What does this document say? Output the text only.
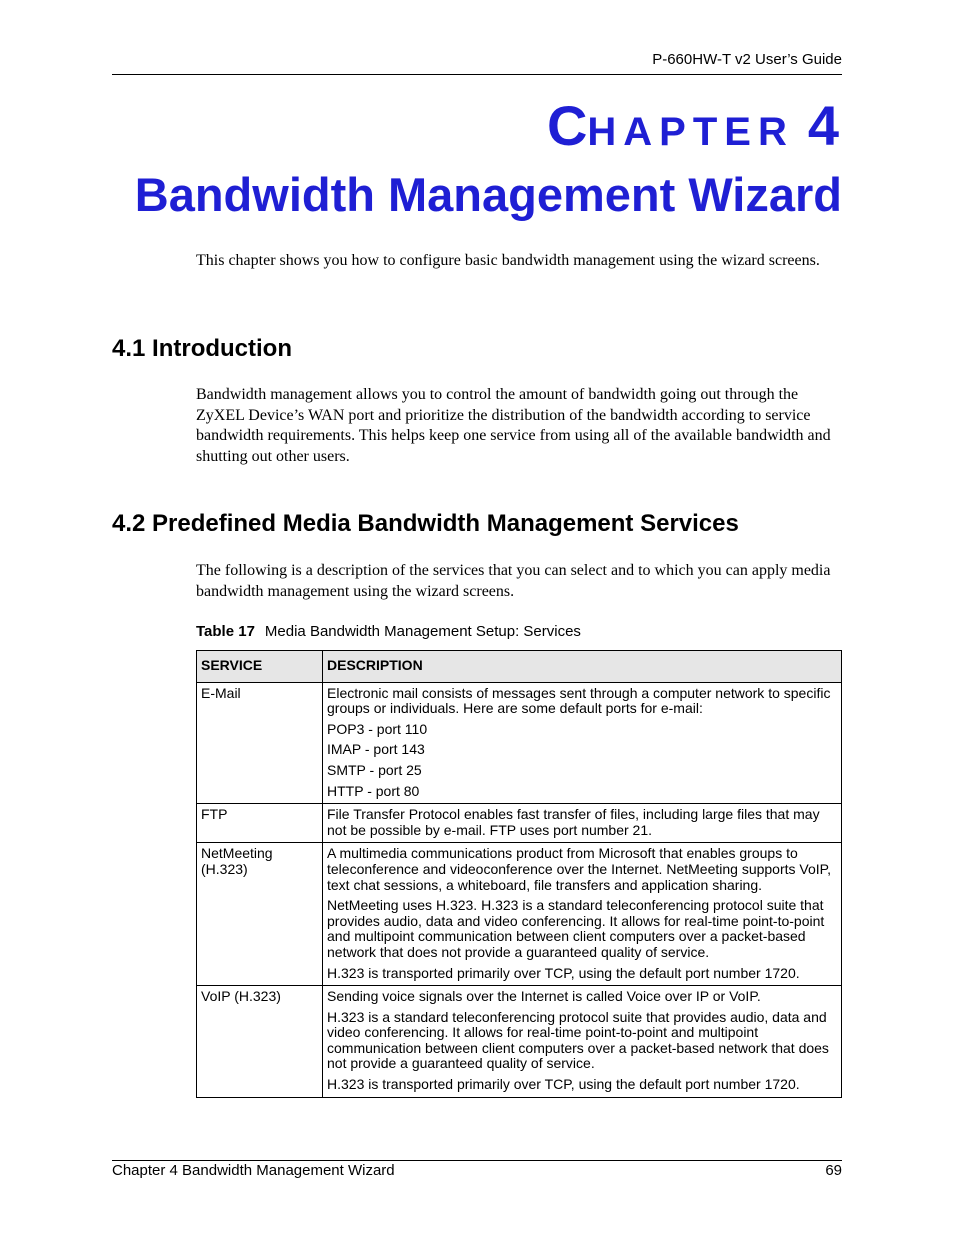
P-660HW-T v2 User’s Guide
CHAPTER 4
Bandwidth Management Wizard
This chapter shows you how to configure basic bandwidth management using the wizard screens.
4.1 Introduction
Bandwidth management allows you to control the amount of bandwidth going out through the ZyXEL Device’s WAN port and prioritize the distribution of the bandwidth according to service bandwidth requirements. This helps keep one service from using all of the available bandwidth and shutting out other users.
4.2 Predefined Media Bandwidth Management Services
The following is a description of the services that you can select and to which you can apply media bandwidth management using the wizard screens.
Table 17 Media Bandwidth Management Setup: Services
SERVICE	DESCRIPTION
E-Mail	Electronic mail consists of messages sent through a computer network to specific groups or individuals. Here are some default ports for e-mail:

POP3 - port 110

IMAP - port 143

SMTP - port 25

HTTP - port 80

FTP	File Transfer Protocol enables fast transfer of files, including large files that may not be possible by e-mail. FTP uses port number 21.

NetMeeting (H.323)	A multimedia communications product from Microsoft that enables groups to teleconference and videoconference over the Internet. NetMeeting supports VoIP, text chat sessions, a whiteboard, file transfers and application sharing.

NetMeeting uses H.323. H.323 is a standard teleconferencing protocol suite that provides audio, data and video conferencing. It allows for real-time point-to-point and multipoint communication between client computers over a packet-based network that does not provide a guaranteed quality of service.

H.323 is transported primarily over TCP, using the default port number 1720.

VoIP (H.323)	Sending voice signals over the Internet is called Voice over IP or VoIP.

H.323 is a standard teleconferencing protocol suite that provides audio, data and video conferencing. It allows for real-time point-to-point and multipoint communication between client computers over a packet-based network that does not provide a guaranteed quality of service.

H.323 is transported primarily over TCP, using the default port number 1720.

Chapter 4 Bandwidth Management Wizard	69
